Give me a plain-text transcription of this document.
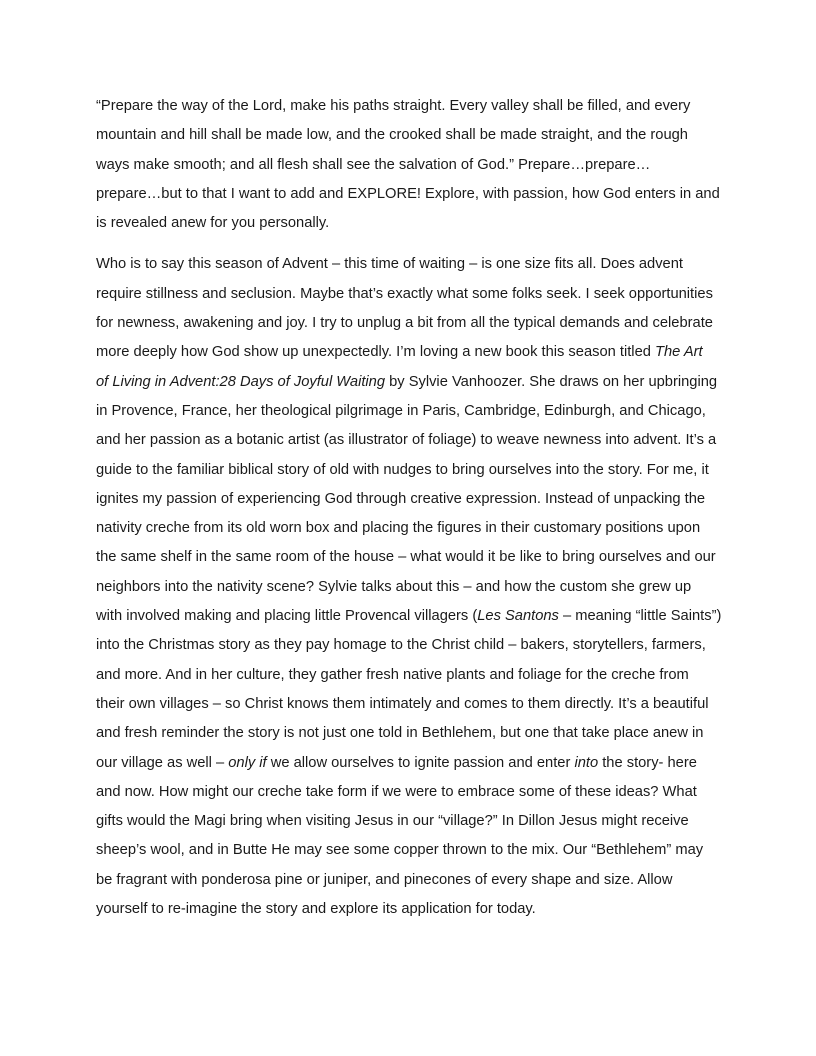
“Prepare the way of the Lord, make his paths straight. Every valley shall be filled, and every
mountain and hill shall be made low, and the crooked shall be made straight, and the rough
ways make smooth; and all flesh shall see the salvation of God.” Prepare…prepare…
prepare…but to that I want to add and EXPLORE! Explore, with passion, how God enters in and
is revealed anew for you personally.

Who is to say this season of Advent – this time of waiting – is one size fits all. Does advent
require stillness and seclusion. Maybe that’s exactly what some folks seek. I seek opportunities
for newness, awakening and joy. I try to unplug a bit from all the typical demands and celebrate
more deeply how God show up unexpectedly. I’m loving a new book this season titled The Art
of Living in Advent:28 Days of Joyful Waiting by Sylvie Vanhoozer. She draws on her upbringing
in Provence, France, her theological pilgrimage in Paris, Cambridge, Edinburgh, and Chicago,
and her passion as a botanic artist (as illustrator of foliage) to weave newness into advent. It’s a
guide to the familiar biblical story of old with nudges to bring ourselves into the story. For me, it
ignites my passion of experiencing God through creative expression. Instead of unpacking the
nativity creche from its old worn box and placing the figures in their customary positions upon
the same shelf in the same room of the house – what would it be like to bring ourselves and our
neighbors into the nativity scene? Sylvie talks about this – and how the custom she grew up
with involved making and placing little Provencal villagers (Les Santons – meaning “little Saints”)
into the Christmas story as they pay homage to the Christ child – bakers, storytellers, farmers,
and more. And in her culture, they gather fresh native plants and foliage for the creche from
their own villages – so Christ knows them intimately and comes to them directly. It’s a beautiful
and fresh reminder the story is not just one told in Bethlehem, but one that take place anew in
our village as well – only if we allow ourselves to ignite passion and enter into the story- here
and now. How might our creche take form if we were to embrace some of these ideas? What
gifts would the Magi bring when visiting Jesus in our “village?” In Dillon Jesus might receive
sheep’s wool, and in Butte He may see some copper thrown to the mix. Our “Bethlehem” may
be fragrant with ponderosa pine or juniper, and pinecones of every shape and size. Allow
yourself to re-imagine the story and explore its application for today.
